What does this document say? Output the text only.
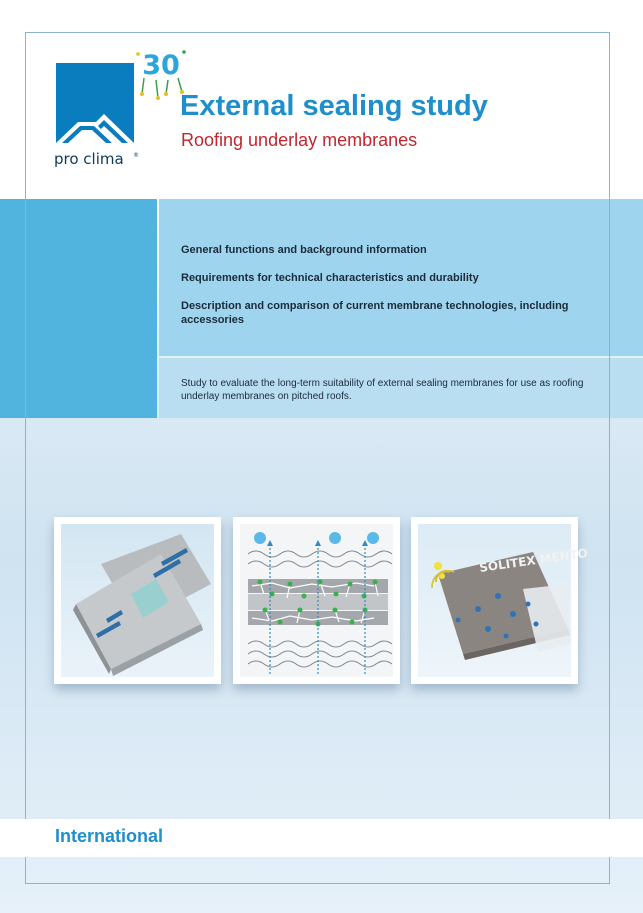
pro clima ®
30
External sealing study
Roofing underlay membranes
General functions and background information
Requirements for technical characteristics and durability
Description and comparison of current membrane technologies, including accessories
Study to evaluate the long-term suitability of external sealing membranes for use as roofing underlay membranes on pitched roofs.
SOLITEX MENTO
International
